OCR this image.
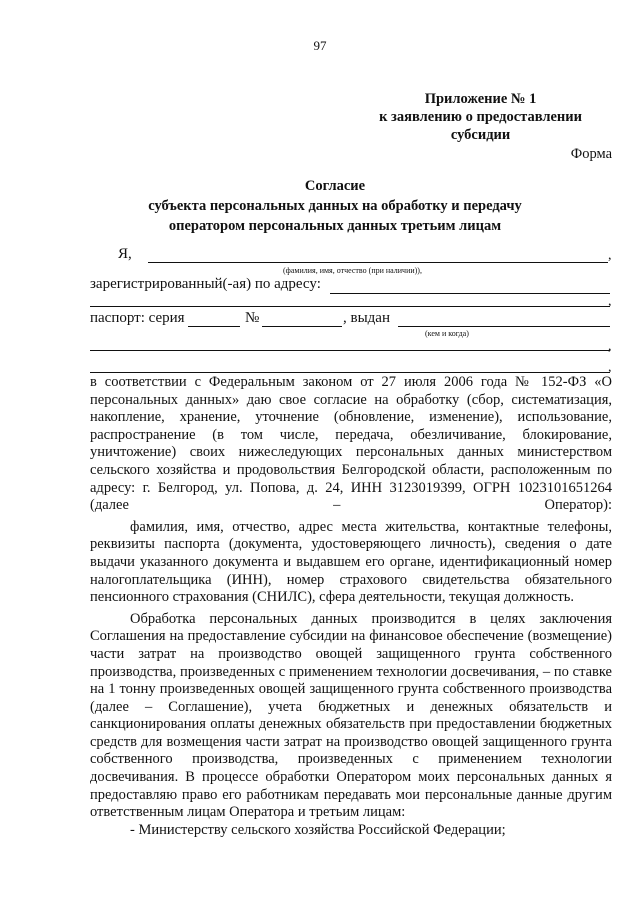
97
Приложение № 1
к заявлению о предоставлении
субсидии
Форма
Согласие
субъекта персональных данных на обработку и передачу
оператором персональных данных третьим лицам
Я,	,
(фамилия, имя, отчество (при наличии)),
зарегистрированный(-ая) по адресу:
,
паспорт: серия	№	, выдан
(кем и когда)
,
,

в соответствии с Федеральным законом от 27 июля 2006 года № 152-ФЗ «О персональных данных» даю свое согласие на обработку (сбор, систематизация, накопление, хранение, уточнение (обновление, изменение), использование, распространение (в том числе, передача, обезличивание, блокирование, уничтожение) своих нижеследующих персональных данных министерством сельского хозяйства и продовольствия Белгородской области, расположенным по адресу: г. Белгород, ул. Попова, д. 24, ИНН 3123019399, ОГРН 1023101651264 (далее – Оператор):

фамилия, имя, отчество, адрес места жительства, контактные телефоны, реквизиты паспорта (документа, удостоверяющего личность), сведения о дате выдачи указанного документа и выдавшем его органе, идентификационный номер налогоплательщика (ИНН), номер страхового свидетельства обязательного пенсионного страхования (СНИЛС), сфера деятельности, текущая должность.

Обработка персональных данных производится в целях заключения Соглашения на предоставление субсидии на финансовое обеспечение (возмещение) части затрат на производство овощей защищенного грунта собственного производства, произведенных с применением технологии досвечивания, – по ставке на 1 тонну произведенных овощей защищенного грунта собственного производства (далее – Соглашение), учета бюджетных и денежных обязательств и санкционирования оплаты денежных обязательств при предоставлении бюджетных средств для возмещения части затрат на производство овощей защищенного грунта собственного производства, произведенных с применением технологии досвечивания. В процессе обработки Оператором моих персональных данных я предоставляю право его работникам передавать мои персональные данные другим ответственным лицам Оператора и третьим лицам:

- Министерству сельского хозяйства Российской Федерации;
